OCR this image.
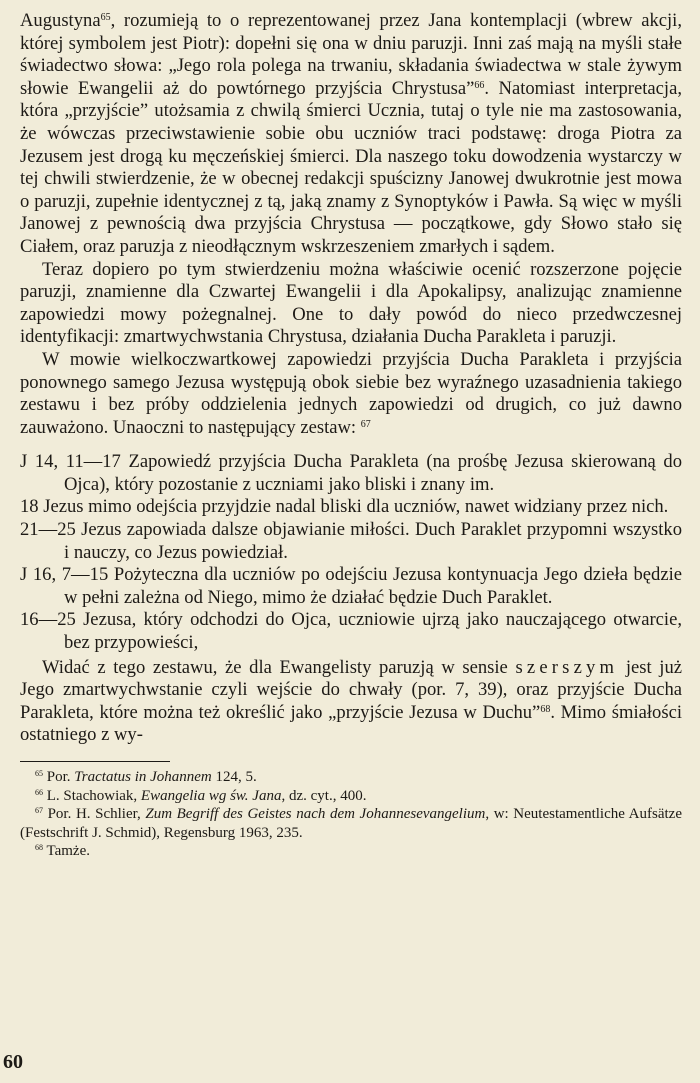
Augustyna$^{65}$, rozumieją to o reprezentowanej przez Jana kontemplacji (wbrew akcji, której symbolem jest Piotr): dopełni się ona w dniu paruzji. Inni zaś mają na myśli stałe świadectwo słowa: „Jego rola polega na trwaniu, składania świadectwa w stale żywym słowie Ewangelii aż do powtórnego przyjścia Chrystusa”$^{66}$. Natomiast interpretacja, która „przyjście” utożsamia z chwilą śmierci Ucznia, tutaj o tyle nie ma zastosowania, że wówczas przeciwstawienie sobie obu uczniów traci podstawę: droga Piotra za Jezusem jest drogą ku męczeńskiej śmierci. Dla naszego toku dowodzenia wystarczy w tej chwili stwierdzenie, że w obecnej redakcji spuścizny Janowej dwukrotnie jest mowa o paruzji, zupełnie identycznej z tą, jaką znamy z Synoptyków i Pawła. Są więc w myśli Janowej z pewnością dwa przyjścia Chrystusa — początkowe, gdy Słowo stało się Ciałem, oraz paruzja z nieodłącznym wskrzeszeniem zmarłych i sądem.

Teraz dopiero po tym stwierdzeniu można właściwie ocenić rozszerzone pojęcie paruzji, znamienne dla Czwartej Ewangelii i dla Apokalipsy, analizując znamienne zapowiedzi mowy pożegnalnej. One to dały powód do nieco przedwczesnej identyfikacji: zmartwychwstania Chrystusa, działania Ducha Parakleta i paruzji.

W mowie wielkoczwartkowej zapowiedzi przyjścia Ducha Parakleta i przyjścia ponownego samego Jezusa występują obok siebie bez wyraźnego uzasadnienia takiego zestawu i bez próby oddzielenia jednych zapowiedzi od drugich, co już dawno zauważono. Unaoczni to następujący zestaw: $^{67}$

J 14, 11—17 Zapowiedź przyjścia Ducha Parakleta (na prośbę Jezusa skierowaną do Ojca), który pozostanie z uczniami jako bliski i znany im.

18 Jezus mimo odejścia przyjdzie nadal bliski dla uczniów, nawet widziany przez nich.

21—25 Jezus zapowiada dalsze objawianie miłości. Duch Paraklet przypomni wszystko i nauczy, co Jezus powiedział.

J 16, 7—15 Pożyteczna dla uczniów po odejściu Jezusa kontynuacja Jego dzieła będzie w pełni zależna od Niego, mimo że działać będzie Duch Paraklet.

16—25 Jezusa, który odchodzi do Ojca, uczniowie ujrzą jako nauczającego otwarcie, bez przypowieści,

Widać z tego zestawu, że dla Ewangelisty paruzją w sensie szerszym jest już Jego zmartwychwstanie czyli wejście do chwały (por. 7, 39), oraz przyjście Ducha Parakleta, które można też określić jako „przyjście Jezusa w Duchu”$^{68}$. Mimo śmiałości ostatniego z wy-

$^{65}$ Por. Tractatus in Johannem 124, 5.

$^{66}$ L. Stachowiak, Ewangelia wg św. Jana, dz. cyt., 400.

$^{67}$ Por. H. Schlier, Zum Begriff des Geistes nach dem Johannesevangelium, w: Neutestamentliche Aufsätze (Festschrift J. Schmid), Regensburg 1963, 235.

$^{68}$ Tamże.

60
